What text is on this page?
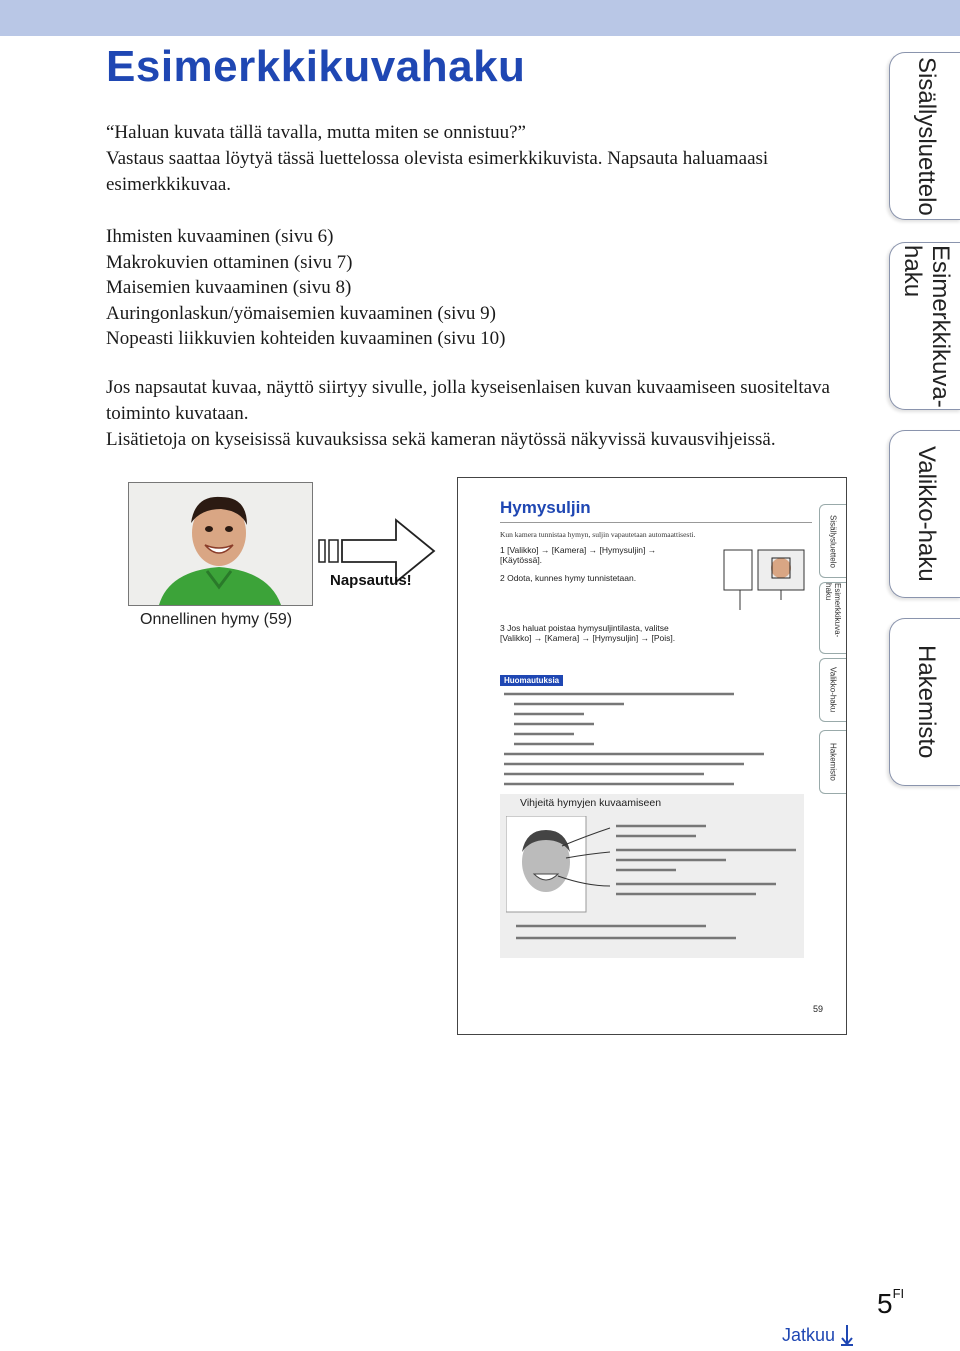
Esimerkkikuvahaku
“Haluan kuvata tällä tavalla, mutta miten se onnistuu?”
Vastaus saattaa löytyä tässä luettelossa olevista esimerkkikuvista. Napsauta haluamaasi esimerkkikuvaa.
Ihmisten kuvaaminen (sivu 6)
Makrokuvien ottaminen (sivu 7)
Maisemien kuvaaminen (sivu 8)
Auringonlaskun/yömaisemien kuvaaminen (sivu 9)
Nopeasti liikkuvien kohteiden kuvaaminen (sivu 10)
Jos napsautat kuvaa, näyttö siirtyy sivulle, jolla kyseisenlaisen kuvan kuvaamiseen suositeltava toiminto kuvataan.
Lisätietoja on kyseisissä kuvauksissa sekä kameran näytössä näkyvissä kuvausvihjeissä.
Sisällysluettelo
Esimerkkikuva-
haku
Valikko-haku
Hakemisto
Onnellinen hymy (59)
Napsautus!
Hymysuljin
Kun kamera tunnistaa hymyn, suljin vapautetaan automaattisesti.
1 [Valikko] → [Kamera] → [Hymysuljin] → [Käytössä].
2 Odota, kunnes hymy tunnistetaan.
3 Jos haluat poistaa hymysuljintilasta, valitse [Valikko] → [Kamera] → [Hymysuljin] → [Pois].
Huomautuksia
Vihjeitä hymyjen kuvaamiseen
Sisällysluettelo
Esimerkkikuva-haku
Valikko-haku
Hakemisto
59
$5^{FI}$
Jatkuu
